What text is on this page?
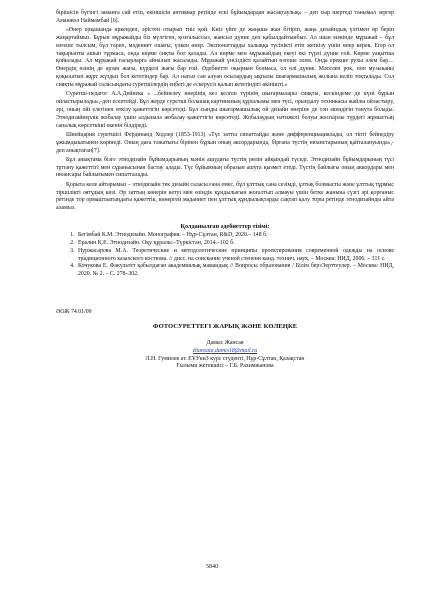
бірішісін бүгінгі заманға сай етіп, екіншісін антиквар ретінде ескі бұйымдардан жасақтаулық» – деп сыр шертеді танымал зергер Аманжол Наймамбай [6].

«Өнер ерқашанда өркендеп, әрістен отырып тиіс қой. Киіз үйге де жаңаша жан бітіріп, жаңа дизайндық үлгімен өр беріп жаңартаймыз. Бұрын мұражайды біз мүлгіген, қозғалыссыз, жансыз дүние деп қабылдайтынбыз. Ал шын мәнінде мұражай – бұл өзгеше тылсым, бұл тарих, мәдениет ошағы, үлкен өнер. Экспонаттарды халыққа түсінікті етіп жеткізу үшін өнер керек. Егер ол тақырыпты ашып тұрмаса, онда көрме сиқты бол қалады. Ал көрме мен мұражайдың екеуі екі түрлі дүние ғой. Көрме уақытша қойылады. Ал мұражай ғасырларға айналып жасалады. Мұражай үнсіздікті қалайтын өзгеше әлем. Онда ерекше рухы әлем бар… Өнердің өзінің де арзан жағы, күрделі жағы бар ғой. Әдебиетте оқырман болмаса, ол өлі дүние. Мәселен рок, поп музыканы қоқылатып жұрт жүздыз бол кететіндер бар. Ал нағыз сан алуан осылардың ықпалы шығармашылық жолына келіп тоқталады. Сол сияқты мұражай саласындағы суретшілердің еңбегі де ескерусіз қалып кететіндігі өкінішті.»

Суретші-педагог А.А.Дейнека « ...бейнелеу өнерінің кез келген түрінің шығармалары сияқты, кескіндеме де күні бұрын ойластырылады»,-деп есептейді. Бұл жерде суретші болашақ картинаның құрылымы мен түсі, орындалу техникасы жайлы ойластыру, әрі, оның ойі елегінен өткізу қажеттігін көрсетеді. Бұл сынды шығармашылық ой дизайн өнеріне де тән екендігін танута болады. Этнодизайнерлік жобалау үшін алдынала жобалау қажеттігін көрсетеді. Жобалаудың нәтижелі болуы жоспарлы түрдегі жұмыстың сапалық көрсеткіші екенін білдіреді.

Швейцария суретшісі Фердинанд Ходлер (1853-1913) «Түс затты сипаттайды және дифференциациялады, ол тіпті бейнедіру ұжымдыкатынен көрінеді. Оның даға тәжатығы бірінен бұрын оның аксордарында, бірғана түстің нюанстарының қайталануында»,-деп анықтаған[7].

Бұл анықтама бізге этнодизайн бұйымдарының мәнін ашудағы түстің рөлін айқындай түседі. Этнодизайн бұйымдарының түсі тұтыну қажеттігі мен сұранысынан бастау алады. Түс бұйымның образын ашуға қызмет етеді. Түстің байлығы оның аккордары мен нюансары байлығымен сипатталады.

Қорыта келе айтарымыз – этнодизайн тек дизайн саласы ғана емес, бұл ұлттық сана сезімді, ұлтық болмысты және ұлттық тұрмыс тіршілікті оятудың көзі. Әр заттың көнерін кетуі мен өзіндік құндылығын жоғалтып алмауы үшін бетке жанына сүзгі әрі қорғаныс ретінде тор ормаштаатыңдағы қажеттік, көнергей маданиет пен ұлттық құндылықтарды сақтап қалу торы ретінде этнодизайнды айта аламыз.

Қолданылған әдебиеттер тізімі:
1. Бегімбай К.М. Этнодизайн. Монография. – Нұр-Сұлтан, R&D, 2020.– 148 б.
2. Ералин Қ.Е. Этнодизайн. Оқу құралы.–Түркістан, 2014.–102 б.
3. Нуржасарова М.А. Теоретические и методологические принципы проектирования современной одежды на основе традиционного казахского костюма. // дисс. на соискание ученой степени канд. технич. наук, – Москва: НИД, 2006. – 311 с.
4. Кочукова Е. Факультет қабылдаған академиялық мамандық // Вопросы образования / Білім берзЭерттеулер. – Москва: НИД, 2020. № 2. – С. 278–302.
ӘОЖ 74.01/09
ФОТОСУРЕТТЕГІ ЖАРЫҚ ЖӘНЕ КӨЛЕҢКЕ
Дамыс Жансая
zhansaia.damis18@mail.ru
Л.Н. Гумилев ат. ЕҰУниЗ курс студенті, Нұр-Сұлтан, Қазақстан
Ғылыми жетекшісі – Г.Б. Рахимжанова
5840
